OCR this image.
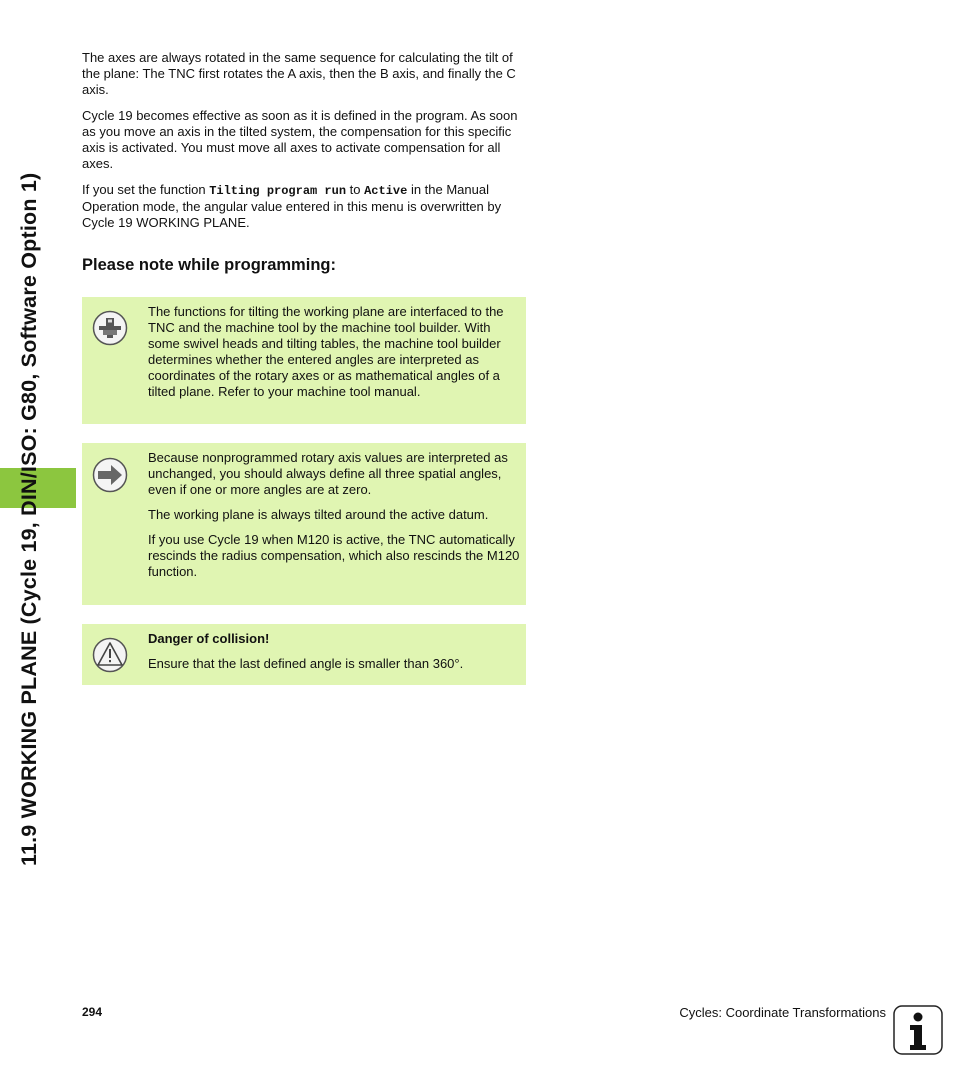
11.9 WORKING PLANE (Cycle 19, DIN/ISO: G80, Software Option 1)

The axes are always rotated in the same sequence for calculating the tilt of the plane: The TNC first rotates the A axis, then the B axis, and finally the C axis.

Cycle 19 becomes effective as soon as it is defined in the program. As soon as you move an axis in the tilted system, the compensation for this specific axis is activated. You must move all axes to activate compensation for all axes.

If you set the function Tilting program run to Active in the Manual Operation mode, the angular value entered in this menu is overwritten by Cycle 19 WORKING PLANE.

Please note while programming:

The functions for tilting the working plane are interfaced to the TNC and the machine tool by the machine tool builder. With some swivel heads and tilting tables, the machine tool builder determines whether the entered angles are interpreted as coordinates of the rotary axes or as mathematical angles of a tilted plane. Refer to your machine tool manual.

Because nonprogrammed rotary axis values are interpreted as unchanged, you should always define all three spatial angles, even if one or more angles are at zero.

The working plane is always tilted around the active datum.

If you use Cycle 19 when M120 is active, the TNC automatically rescinds the radius compensation, which also rescinds the M120 function.

Danger of collision!

Ensure that the last defined angle is smaller than 360°.

294	Cycles: Coordinate Transformations
